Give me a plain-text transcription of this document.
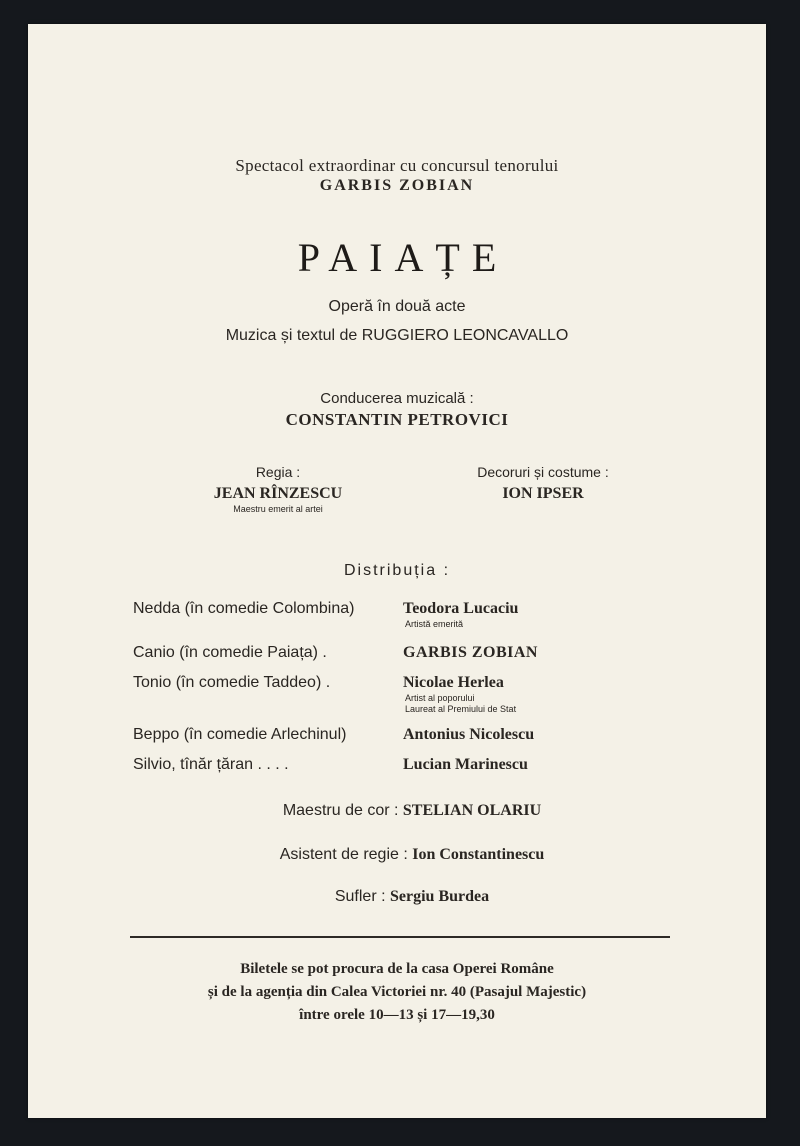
Spectacol extraordinar cu concursul tenorului
GARBIS ZOBIAN
PAIAȚE
Operă în două acte
Muzica și textul de RUGGIERO LEONCAVALLO
Conducerea muzicală :
CONSTANTIN PETROVICI
Regia :
JEAN RÎNZESCU
Maestru emerit al artei
Decoruri și costume :
ION IPSER
Distribuția :
Nedda (în comedie Colombina)	Teodora Lucaciu
Artistă emerită
Canio (în comedie Paiața) .	GARBIS ZOBIAN
Tonio (în comedie Taddeo) .	Nicolae Herlea
Artist al poporului
Laureat al Premiului de Stat
Beppo (în comedie Arlechinul)	Antonius Nicolescu
Silvio, tînăr țăran . . . .	Lucian Marinescu
Maestru de cor : STELIAN OLARIU
Asistent de regie : Ion Constantinescu
Sufler : Sergiu Burdea
Biletele se pot procura de la casa Operei Române
și de la agenția din Calea Victoriei nr. 40 (Pasajul Majestic)
între orele 10—13 și 17—19,30
